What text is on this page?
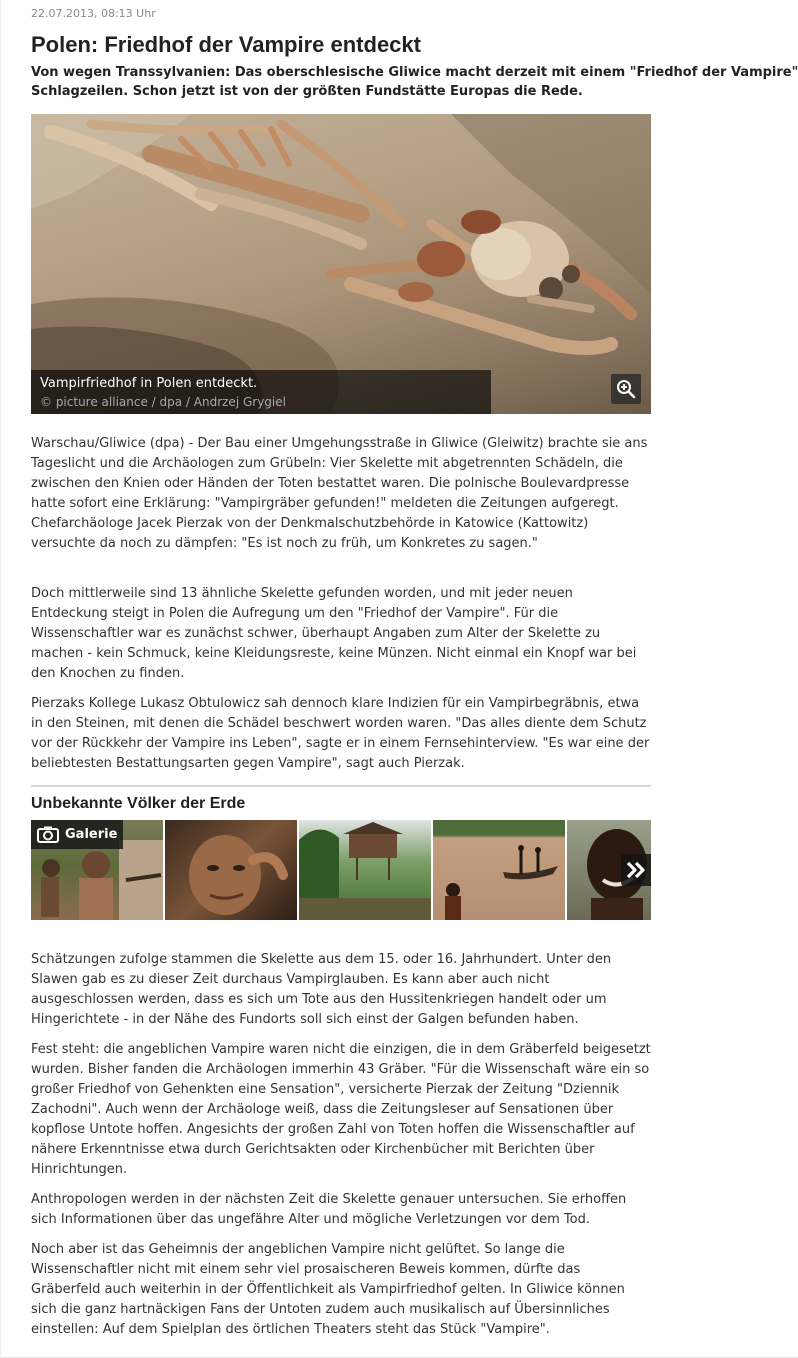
22.07.2013, 08:13 Uhr
Polen: Friedhof der Vampire entdeckt

Von wegen Transsylvanien: Das oberschlesische Gliwice macht derzeit mit einem "Friedhof der Vampire" Schlagzeilen. Schon jetzt ist von der größten Fundstätte Europas die Rede.

Vampirfriedhof in Polen entdeckt.
© picture alliance / dpa / Andrzej Grygiel

Warschau/Gliwice (dpa) - Der Bau einer Umgehungsstraße in Gliwice (Gleiwitz) brachte sie ans Tageslicht und die Archäologen zum Grübeln: Vier Skelette mit abgetrennten Schädeln, die zwischen den Knien oder Händen der Toten bestattet waren. Die polnische Boulevardpresse hatte sofort eine Erklärung: "Vampirgräber gefunden!" meldeten die Zeitungen aufgeregt. Chefarchäologe Jacek Pierzak von der Denkmalschutzbehörde in Katowice (Kattowitz) versuchte da noch zu dämpfen: "Es ist noch zu früh, um Konkretes zu sagen."

Doch mittlerweile sind 13 ähnliche Skelette gefunden worden, und mit jeder neuen Entdeckung steigt in Polen die Aufregung um den "Friedhof der Vampire". Für die Wissenschaftler war es zunächst schwer, überhaupt Angaben zum Alter der Skelette zu machen - kein Schmuck, keine Kleidungsreste, keine Münzen. Nicht einmal ein Knopf war bei den Knochen zu finden.

Pierzaks Kollege Lukasz Obtulowicz sah dennoch klare Indizien für ein Vampirbegräbnis, etwa in den Steinen, mit denen die Schädel beschwert worden waren. "Das alles diente dem Schutz vor der Rückkehr der Vampire ins Leben", sagte er in einem Fernsehinterview. "Es war eine der beliebtesten Bestattungsarten gegen Vampire", sagt auch Pierzak.

Unbekannte Völker der Erde
Galerie

Schätzungen zufolge stammen die Skelette aus dem 15. oder 16. Jahrhundert. Unter den Slawen gab es zu dieser Zeit durchaus Vampirglauben. Es kann aber auch nicht ausgeschlossen werden, dass es sich um Tote aus den Hussitenkriegen handelt oder um Hingerichtete - in der Nähe des Fundorts soll sich einst der Galgen befunden haben.

Fest steht: die angeblichen Vampire waren nicht die einzigen, die in dem Gräberfeld beigesetzt wurden. Bisher fanden die Archäologen immerhin 43 Gräber. "Für die Wissenschaft wäre ein so großer Friedhof von Gehenkten eine Sensation", versicherte Pierzak der Zeitung "Dziennik Zachodni". Auch wenn der Archäologe weiß, dass die Zeitungsleser auf Sensationen über kopflose Untote hoffen. Angesichts der großen Zahl von Toten hoffen die Wissenschaftler auf nähere Erkenntnisse etwa durch Gerichtsakten oder Kirchenbücher mit Berichten über Hinrichtungen.

Anthropologen werden in der nächsten Zeit die Skelette genauer untersuchen. Sie erhoffen sich Informationen über das ungefähre Alter und mögliche Verletzungen vor dem Tod.

Noch aber ist das Geheimnis der angeblichen Vampire nicht gelüftet. So lange die Wissenschaftler nicht mit einem sehr viel prosaischeren Beweis kommen, dürfte das Gräberfeld auch weiterhin in der Öffentlichkeit als Vampirfriedhof gelten. In Gliwice können sich die ganz hartnäckigen Fans der Untoten zudem auch musikalisch auf Übersinnliches einstellen: Auf dem Spielplan des örtlichen Theaters steht das Stück "Vampire".
